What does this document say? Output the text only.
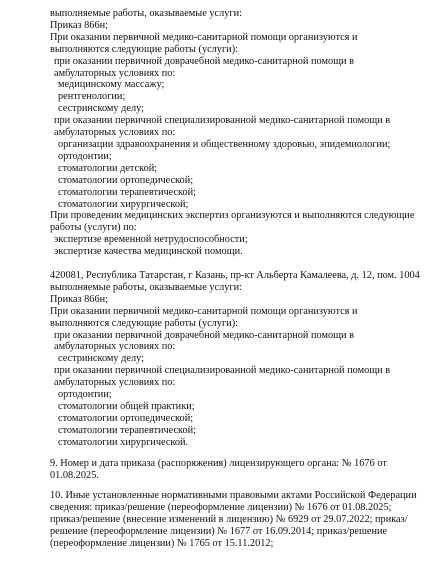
выполняемые работы, оказываемые услуги:
Приказ 866н;
При оказании первичной медико-санитарной помощи организуются и выполняются следующие работы (услуги):
при оказании первичной доврачебной медико-санитарной помощи в амбулаторных условиях по:
медицинскому массажу;
рентгенологии;
сестринскому делу;
при оказании первичной специализированной медико-санитарной помощи в амбулаторных условиях по:
организации здравоохранения и общественному здоровью, эпидемиологии;
ортодонтии;
стоматологии детской;
стоматологии ортопедической;
стоматологии терапевтической;
стоматологии хирургической;
При проведении медицинских экспертиз организуются и выполняются следующие работы (услуги) по:
экспертизе временной нетрудоспособности;
экспертизе качества медицинской помощи.
420081, Республика Татарстан, г Казань, пр-кт Альберта Камалеева, д. 12, пом. 1004
выполняемые работы, оказываемые услуги:
Приказ 866н;
При оказании первичной медико-санитарной помощи организуются и выполняются следующие работы (услуги):
при оказании первичной доврачебной медико-санитарной помощи в амбулаторных условиях по:
сестринскому делу;
при оказании первичной специализированной медико-санитарной помощи в амбулаторных условиях по:
ортодонтии;
стоматологии общей практики;
стоматологии ортопедической;
стоматологии терапевтической;
стоматологии хирургической.
9. Номер и дата приказа (распоряжения) лицензирующего органа: № 1676 от 01.08.2025.
10. Иные установленные нормативными правовыми актами Российской Федерации сведения: приказ/решение (переоформление лицензии) № 1676 от 01.08.2025; приказ/решение (внесение изменений в лицензию) № 6929 от 29.07.2022; приказ/решение (переоформление лицензии) № 1677 от 16.09.2014; приказ/решение (переоформление лицензии) № 1765 от 15.11.2012;
